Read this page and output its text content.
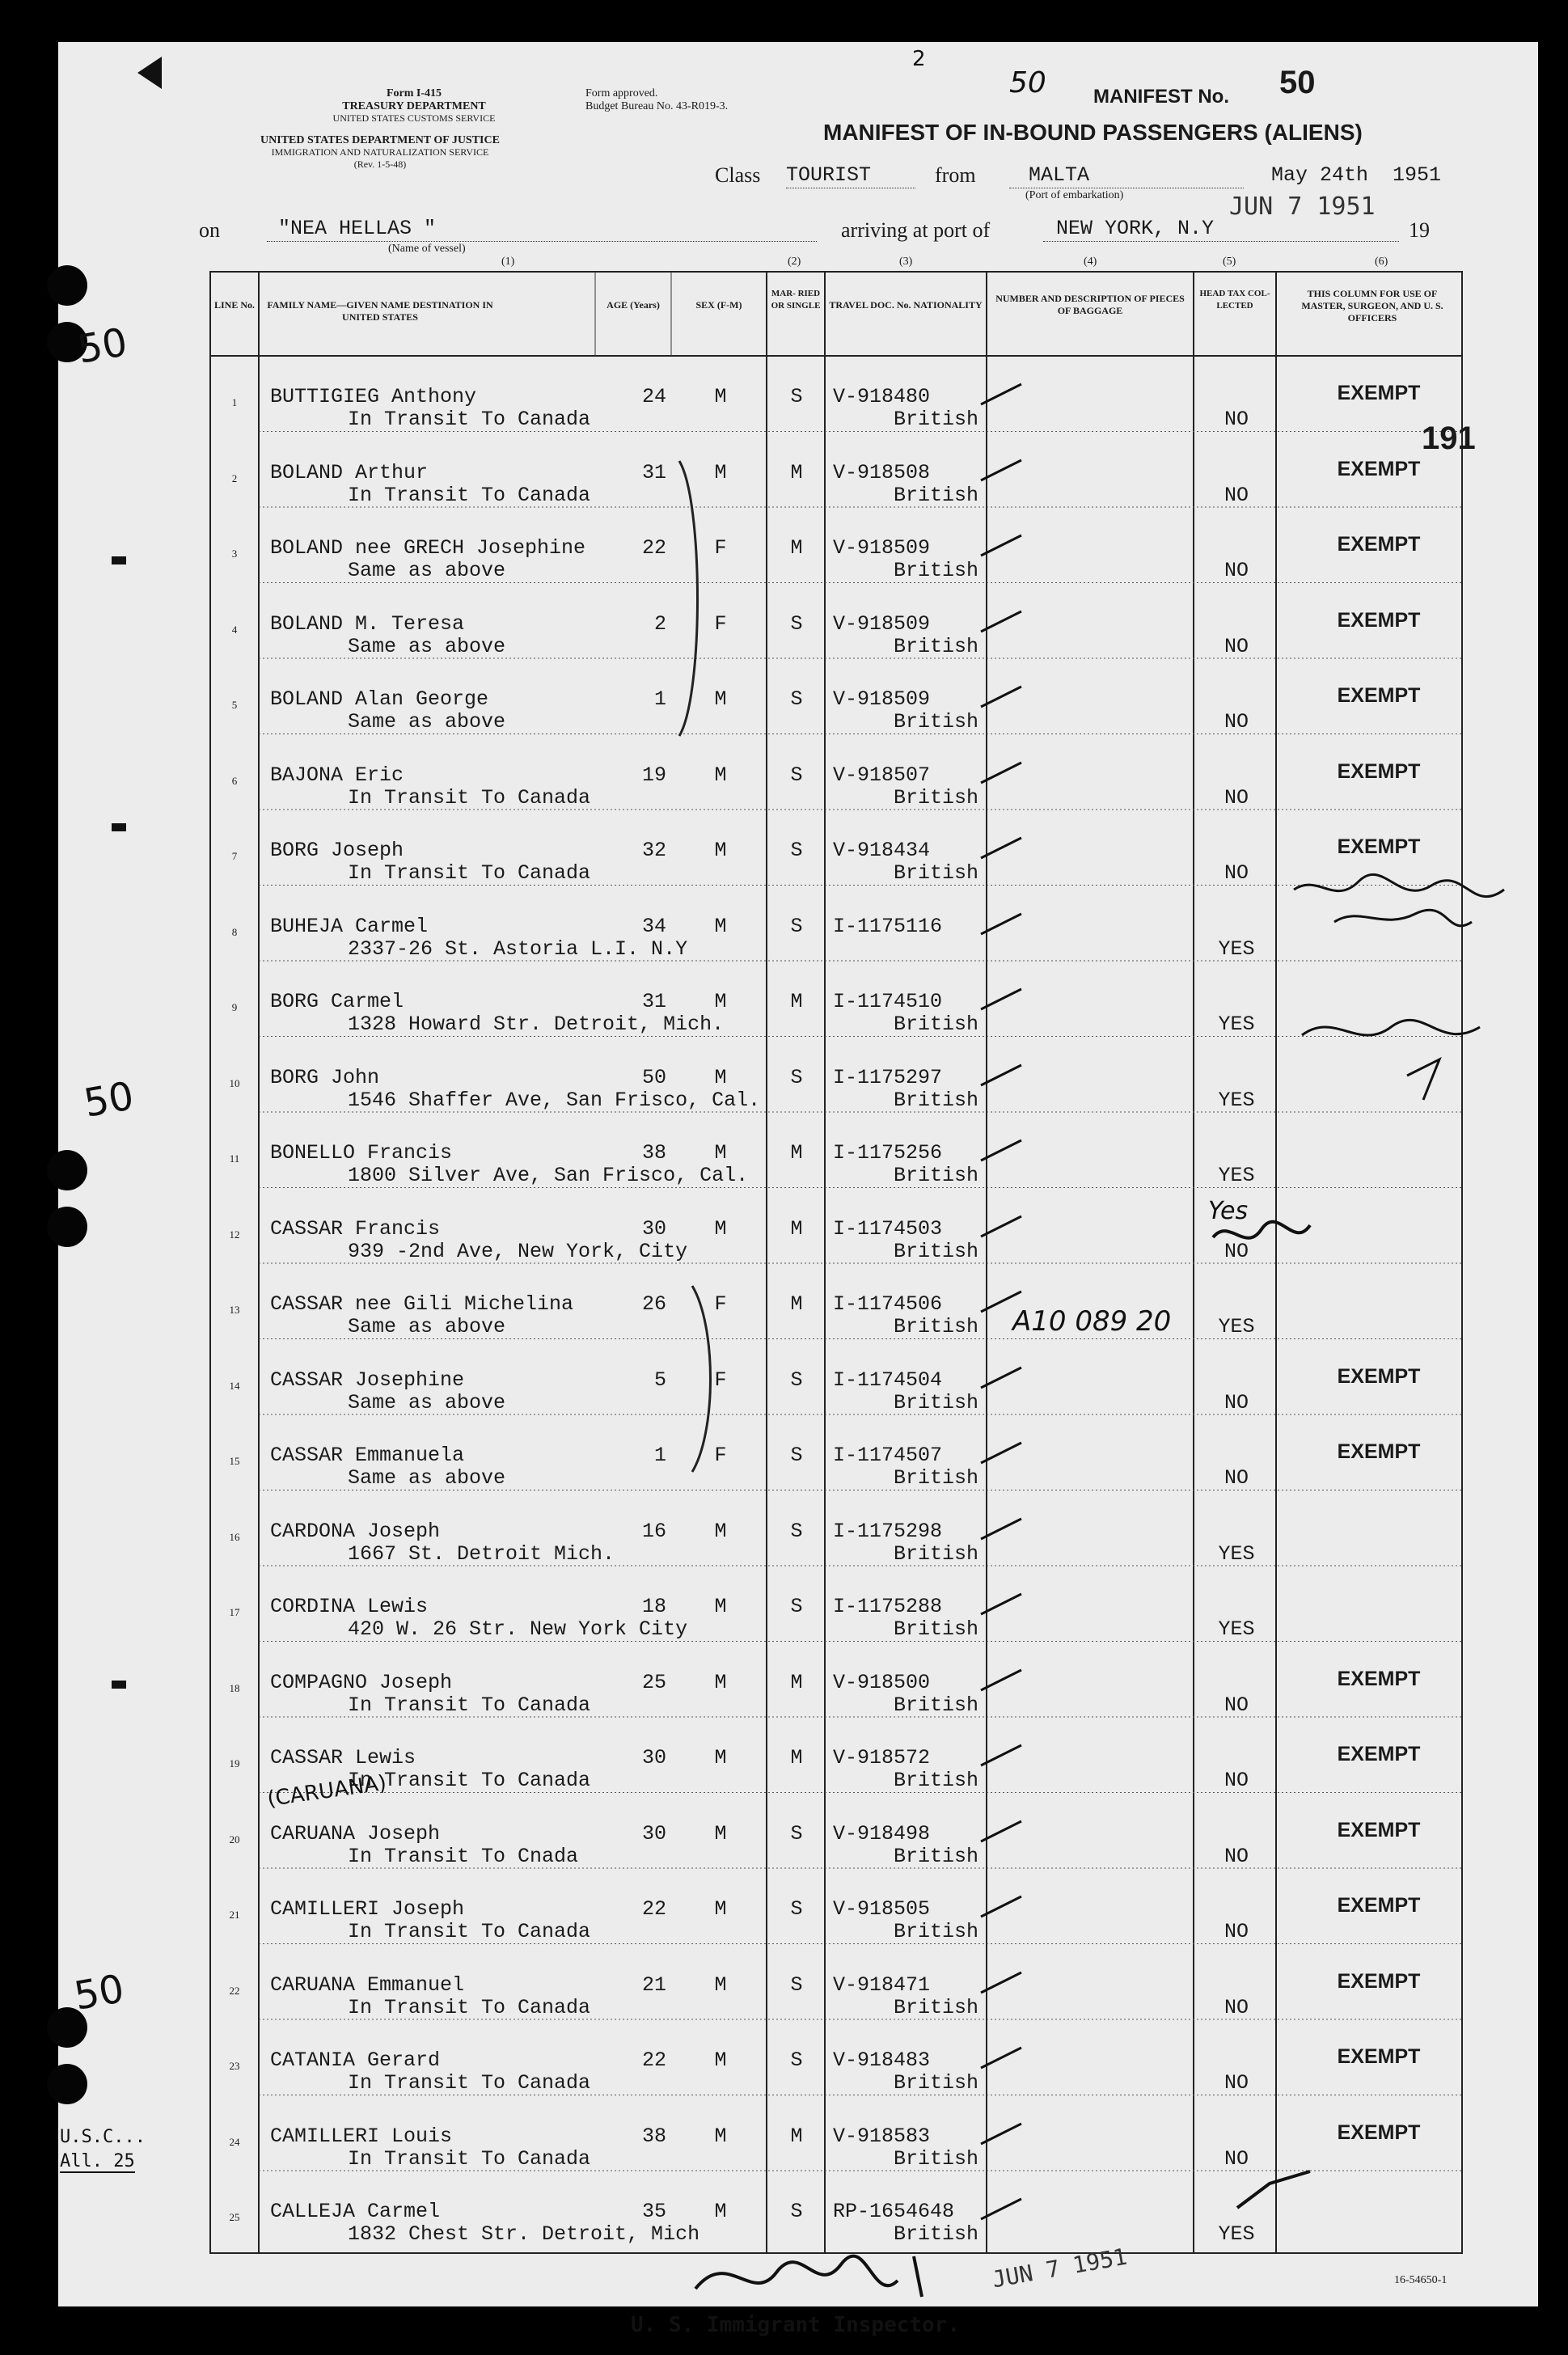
Form I-415
TREASURY DEPARTMENT
UNITED STATES CUSTOMS SERVICE
UNITED STATES DEPARTMENT OF JUSTICE
IMMIGRATION AND NATURALIZATION SERVICE
(Rev. 1-5-48)
Form approved.
Budget Bureau No. 43-R019-3.	MANIFEST No. 50
50
2
MANIFEST OF IN-BOUND PASSENGERS (ALIENS)
Class TOURIST	from	MALTA
(Port of embarkation)
May 24th 1951
JUN 7 1951
on	"NEA HELLAS "
(Name of vessel)
arriving at port of	NEW YORK, N.Y	19
(1)	(2)	(3)	(4)	(5)	(6)
LINE No. FAMILY NAME—GIVEN NAME DESTINATION IN UNITED STATES
AGE (Years)	SEX (F-M)
MAR- RIED OR SINGLE TRAVEL DOC. No. NATIONALITY
NUMBER AND DESCRIPTION OF PIECES OF BAGGAGE
HEAD TAX COL- LECTED
THIS COLUMN FOR USE OF MASTER, SURGEON, AND U. S. OFFICERS
1	BUTTIGIEG Anthony
In Transit To Canada
24	M	S	V-918480
British	NO
EXEMPT
2	BOLAND Arthur
In Transit To Canada
31	M	M	V-918508
British	NO
EXEMPT
3	BOLAND nee GRECH Josephine
Same as above
22	F	M	V-918509
British	NO
EXEMPT
4	BOLAND M. Teresa
Same as above
2	F	S	V-918509
British	NO
EXEMPT
5	BOLAND Alan George
Same as above
1	M	S	V-918509
British	NO
EXEMPT
6	BAJONA Eric
In Transit To Canada
19	M	S	V-918507
British	NO
EXEMPT
7	BORG Joseph
In Transit To Canada
32	M	S	V-918434
British	NO
EXEMPT
8	BUHEJA Carmel
2337-26 St. Astoria L.I. N.Y
34	M	S	I-1175116
YES
9	BORG Carmel
1328 Howard Str. Detroit, Mich.
31	M	M	I-1174510
British	YES
10	BORG John
1546 Shaffer Ave, San Frisco, Cal.
50	M	S	I-1175297
British	YES
11	BONELLO Francis
1800 Silver Ave, San Frisco, Cal.
38	M	M	I-1175256
British	YES
12	CASSAR Francis
939 -2nd Ave, New York, City
30	M	M	I-1174503
British	NO
13	CASSAR nee Gili Michelina
Same as above
26	F	M	I-1174506
British	YES
14	CASSAR Josephine
Same as above
5	F	S	I-1174504
British	NO
EXEMPT
15	CASSAR Emmanuela
Same as above
1	F	S	I-1174507
British	NO
EXEMPT
16	CARDONA Joseph
1667 St. Detroit Mich.
16	M	S	I-1175298
British	YES
17	CORDINA Lewis
420 W. 26 Str. New York City
18	M	S	I-1175288
British	YES
18	COMPAGNO Joseph
In Transit To Canada
25	M	M	V-918500
British	NO
EXEMPT
19	CASSAR Lewis
In Transit To Canada
30	M	M	V-918572
British	NO
EXEMPT
20	CARUANA Joseph
In Transit To Cnada
30	M	S	V-918498
British	NO
EXEMPT
21	CAMILLERI Joseph
In Transit To Canada
22	M	S	V-918505
British	NO
EXEMPT
22	CARUANA Emmanuel
In Transit To Canada
21	M	S	V-918471
British	NO
EXEMPT
23	CATANIA Gerard
In Transit To Canada
22	M	S	V-918483
British	NO
EXEMPT
24	CAMILLERI Louis
In Transit To Canada
38	M	M	V-918583
British	NO
EXEMPT
25	CALLEJA Carmel
1832 Chest Str. Detroit, Mich
35	M	S	RP-1654648
British	YES
191
50
50
50
(CARUANA)
A10 089 20
Yes
U.S.C...
All. 25
U. S. Immigrant Inspector.
JUN 7 1951	16-54650-1
